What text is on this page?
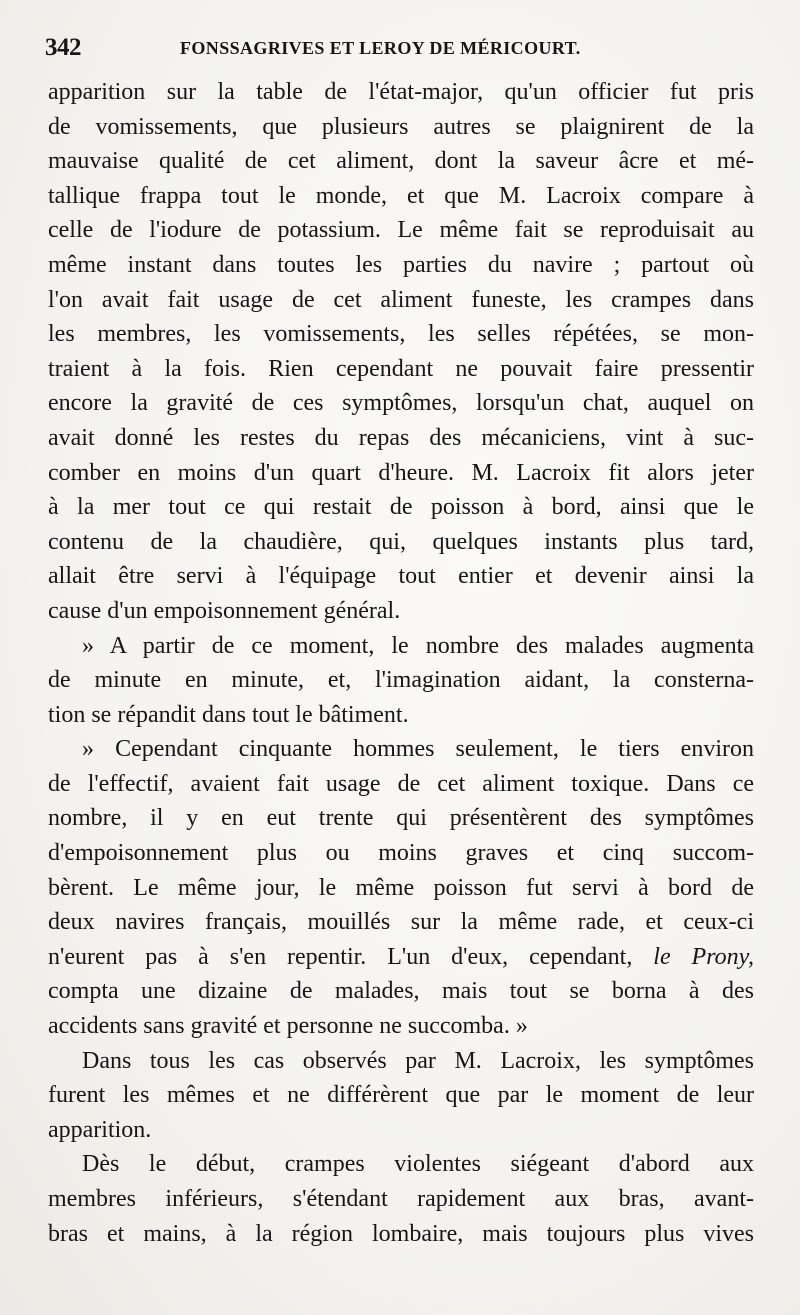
342	FONSSAGRIVES ET LEROY DE MÉRICOURT.
apparition sur la table de l'état-major, qu'un officier fut pris
de vomissements, que plusieurs autres se plaignirent de la
mauvaise qualité de cet aliment, dont la saveur âcre et mé-
tallique frappa tout le monde, et que M. Lacroix compare à
celle de l'iodure de potassium. Le même fait se reproduisait au
même instant dans toutes les parties du navire ; partout où
l'on avait fait usage de cet aliment funeste, les crampes dans
les membres, les vomissements, les selles répétées, se mon-
traient à la fois. Rien cependant ne pouvait faire pressentir
encore la gravité de ces symptômes, lorsqu'un chat, auquel on
avait donné les restes du repas des mécaniciens, vint à suc-
comber en moins d'un quart d'heure. M. Lacroix fit alors jeter
à la mer tout ce qui restait de poisson à bord, ainsi que le
contenu de la chaudière, qui, quelques instants plus tard,
allait être servi à l'équipage tout entier et devenir ainsi la
cause d'un empoisonnement général.
» A partir de ce moment, le nombre des malades augmenta
de minute en minute, et, l'imagination aidant, la consterna-
tion se répandit dans tout le bâtiment.
» Cependant cinquante hommes seulement, le tiers environ
de l'effectif, avaient fait usage de cet aliment toxique. Dans ce
nombre, il y en eut trente qui présentèrent des symptômes
d'empoisonnement plus ou moins graves et cinq succom-
bèrent. Le même jour, le même poisson fut servi à bord de
deux navires français, mouillés sur la même rade, et ceux-ci
n'eurent pas à s'en repentir. L'un d'eux, cependant, le Prony,
compta une dizaine de malades, mais tout se borna à des
accidents sans gravité et personne ne succomba. »
Dans tous les cas observés par M. Lacroix, les symptômes
furent les mêmes et ne différèrent que par le moment de leur
apparition.
Dès le début, crampes violentes siégeant d'abord aux
membres inférieurs, s'étendant rapidement aux bras, avant-
bras et mains, à la région lombaire, mais toujours plus vives
